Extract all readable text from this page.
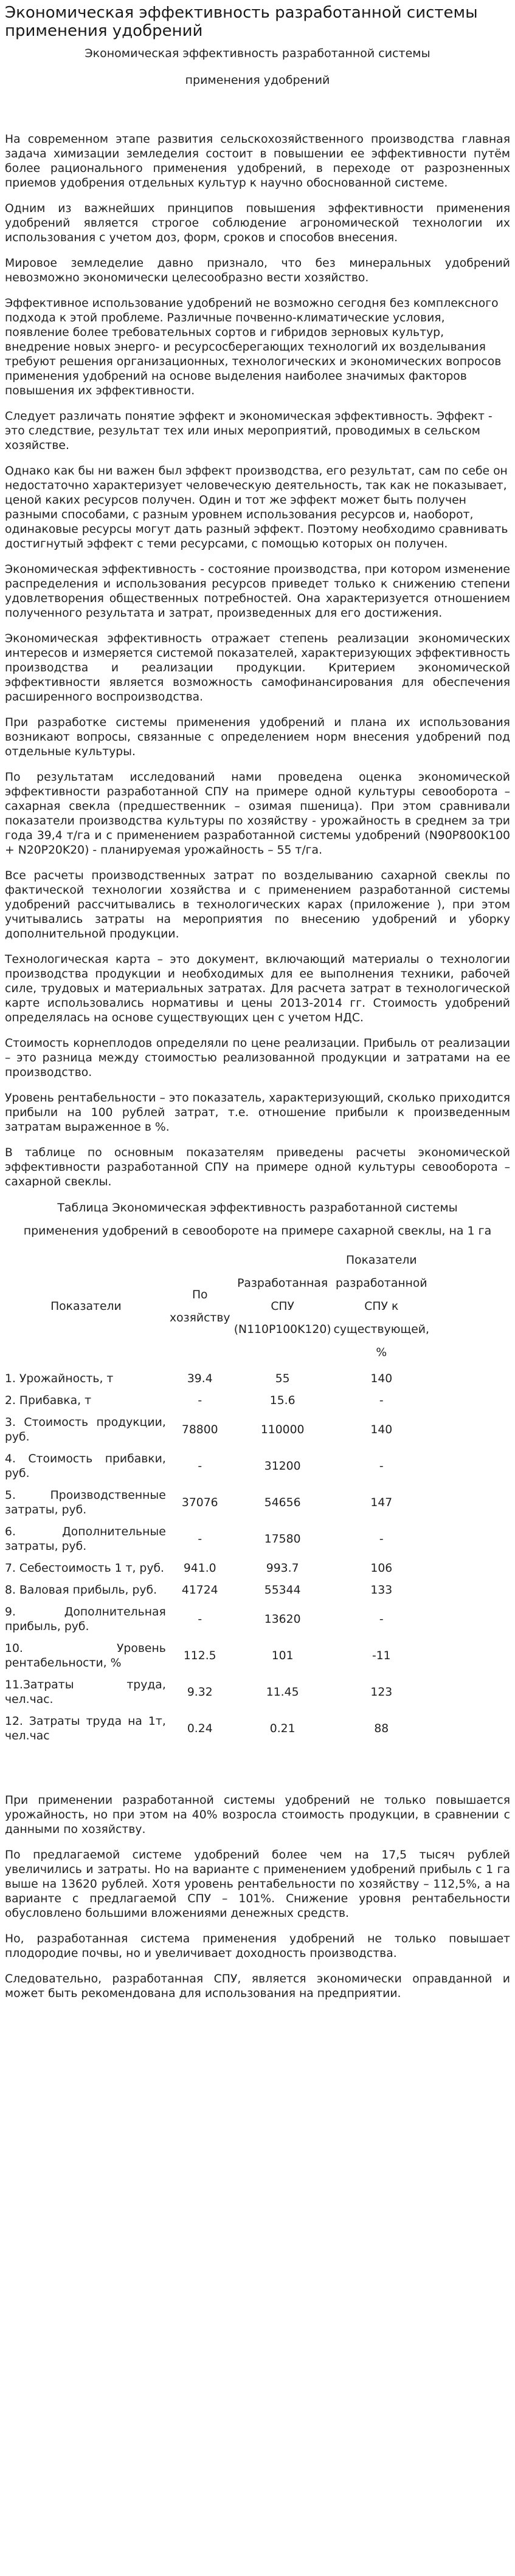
Экономическая эффективность разработанной системы применения удобрений
Экономическая эффективность разработанной системы
применения удобрений

На современном этапе развития сельскохозяйственного производства главная задача химизации земледелия состоит в повышении ее эффективности путём более рационального применения удобрений, в переходе от разрозненных приемов удобрения отдельных культур к научно обоснованной системе.

Одним из важнейших принципов повышения эффективности применения удобрений является строгое соблюдение агрономической технологии их использования с учетом доз, форм, сроков и способов внесения.

Мировое земледелие давно признало, что без минеральных удобрений невозможно экономически целесообразно вести хозяйство.

Эффективное использование удобрений не возможно сегодня без комплексного подхода к этой проблеме. Различные почвенно-климатические условия, появление более требовательных сортов и гибридов зерновых культур, внедрение новых энерго- и ресурсосберегающих технологий их возделывания требуют решения организационных, технологических и экономических вопросов применения удобрений на основе выделения наиболее значимых факторов повышения их эффективности.

Следует различать понятие эффект и экономическая эффективность. Эффект - это следствие, результат тех или иных мероприятий, проводимых в сельском хозяйстве.

Однако как бы ни важен был эффект производства, его результат, сам по себе он недостаточно характеризует человеческую деятельность, так как не показывает, ценой каких ресурсов получен. Один и тот же эффект может быть получен разными способами, с разным уровнем использования ресурсов и, наоборот, одинаковые ресурсы могут дать разный эффект. Поэтому необходимо сравнивать достигнутый эффект с теми ресурсами, с помощью которых он получен.

Экономическая эффективность - состояние производства, при котором изменение распределения и использования ресурсов приведет только к снижению степени удовлетворения общественных потребностей. Она характеризуется отношением полученного результата и затрат, произведенных для его достижения.

Экономическая эффективность отражает степень реализации экономических интересов и измеряется системой показателей, характеризующих эффективность производства и реализации продукции. Критерием экономической эффективности является возможность самофинансирования для обеспечения расширенного воспроизводства.

При разработке системы применения удобрений и плана их использования возникают вопросы, связанные с определением норм внесения удобрений под отдельные культуры.

По результатам исследований нами проведена оценка экономической эффективности разработанной СПУ на примере одной культуры севооборота – сахарная свекла (предшественник – озимая пшеница). При этом сравнивали показатели производства культуры по хозяйству - урожайность в среднем за три года 39,4 т/га и с применением разработанной системы удобрений (N90P800K100 + N20P20K20) - планируемая урожайность – 55 т/га.

Все расчеты производственных затрат по возделыванию сахарной свеклы по фактической технологии хозяйства и с применением разработанной системы удобрений рассчитывались в технологических карах (приложение ), при этом учитывались затраты на мероприятия по внесению удобрений и уборку дополнительной продукции.

Технологическая карта – это документ, включающий материалы о технологии производства продукции и необходимых для ее выполнения техники, рабочей силе, трудовых и материальных затратах. Для расчета затрат в технологической карте использовались нормативы и цены 2013-2014 гг. Стоимость удобрений определялась на основе существующих цен с учетом НДС.

Стоимость корнеплодов определяли по цене реализации. Прибыль от реализации – это разница между стоимостью реализованной продукции и затратами на ее производство.

Уровень рентабельности – это показатель, характеризующий, сколько приходится прибыли на 100 рублей затрат, т.е. отношение прибыли к произведенным затратам выраженное в %.

В таблице по основным показателям приведены расчеты экономической эффективности разработанной СПУ на примере одной культуры севооборота – сахарной свеклы.

Таблица Экономическая эффективность разработанной системы
применения удобрений в севообороте на примере сахарной свеклы, на 1 га
Показатели	По хозяйству	Разработанная СПУ (N110P100K120)	Показатели разработанной СПУ к существующей, %
1. Урожайность, т	39.4	55	140
2. Прибавка, т	-	15.6	-
3. Стоимость продукции, руб.	78800	110000	140
4. Стоимость прибавки, руб.	-	31200	-
5. Производственные затраты, руб.	37076	54656	147
6. Дополнительные затраты, руб.	-	17580	-
7. Себестоимость 1 т, руб.	941.0	993.7	106
8. Валовая прибыль, руб.	41724	55344	133
9. Дополнительная прибыль, руб.	-	13620	-
10. Уровень рентабельности, %	112.5	101	-11
11.Затраты труда, чел.час.	9.32	11.45	123
12. Затраты труда на 1т, чел.час	0.24	0.21	88

При применении разработанной системы удобрений не только повышается урожайность, но при этом на 40% возросла стоимость продукции, в сравнении с данными по хозяйству.

По предлагаемой системе удобрений более чем на 17,5 тысяч рублей увеличились и затраты. Но на варианте с применением удобрений прибыль с 1 га выше на 13620 рублей. Хотя уровень рентабельности по хозяйству – 112,5%, а на варианте с предлагаемой СПУ – 101%. Снижение уровня рентабельности обусловлено большими вложениями денежных средств.

Но, разработанная система применения удобрений не только повышает плодородие почвы, но и увеличивает доходность производства.

Следовательно, разработанная СПУ, является экономически оправданной и может быть рекомендована для использования на предприятии.
